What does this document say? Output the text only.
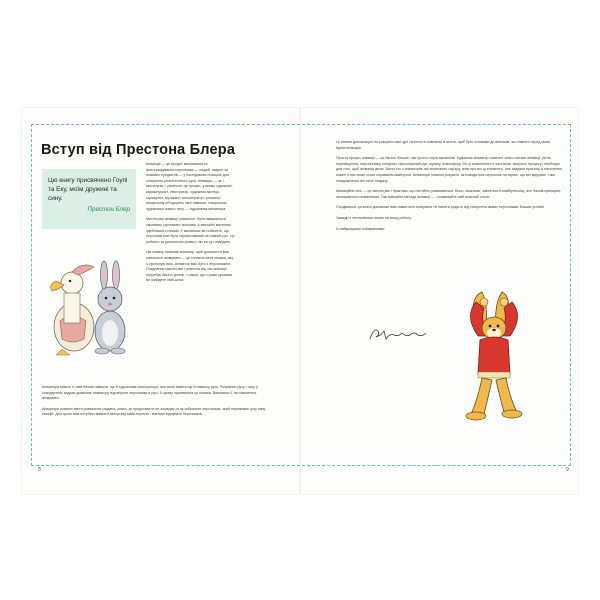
Вступ від Престона Блера
Цю книгу присвячено Гоупі та Еку, моїм дружині та сину.
Престон Блер

Анімація — це процес малювання та фотографування персонажа — людей, тварин чи неживих предметів — у послідовних позиціях для створення реалістичного руху. Анімація — це і мистецтво, і ремесло; це процес, у якому художник-карикатурист, ілюстратор, художник-митець, сценарист, музикант, кінооператор і режисер кінофільму об'єднують свої навички, створюючи художника нового типу — художника-аніматора.

Мистецтво анімації унікальне. Воно вважається сміливим, рухливим і вільним, а звичайні малюнки здебільшого неживі. У малюнках ви побачите, що персонаж має бути спроєктований на повний рух. Це роблять за допомогою правил, які ви тут знайдете.

Цю книжку написав аніматор, щоб допомогти вам навчитися анімувати — це головна мета книжки, яку я пропоную вам. Аніматор має бути з персонажем. Поєднання мистецтва і ремесла під час анімації потребує багато уроків, і я вірю, що з цими уроками ви знайдете свій шлях.

Аніматори мають ті самі базові навички, що й художники-ілюстратори, але вони мають ще й навичку руху. Розуміння руху і часу у стандартних кадрах дозволяє аніматору відтворити персонажа в русі, й цьому присвячена ця книжка. Вивчаючи її, ви навчитеся анімувати.

Аніматори повинні вміти розважити глядача: знати, як представити гег-комедію та як зобразити персонажа, який переживає цілу гаму емоцій. Для цього вам потрібно вивчати акторську майстерність і вчитися відчувати персонажів.

8

Ці знання допоможуть їм розкрити свої ідеї та втілити навчання в життя, щоб бути готовими до викликів, які ставить перед ними мультиплікація.

Просто процес анімації — це багато більше, ніж просто серія малюнків. Художник-аніматор повинен знати основи анімації: ритм, переміщення, перспективу, конфлікт, персонажний рух, музику, атмосферу. Усі ці компоненти є частиною творчого процесу і необхідні для того, щоб анімація жила. Мало хто з аніматорів, які починають кар'єру, знає про всі ці елементи, але завдяки практиці й натхненню кожен з них може стати справжнім майстром. Аніматори повинні розуміти, як поводиться персонаж на екрані, що він відчуває, і яке повідомлення він несе глядачу.

Анімаційне кіно — це мистецтво і практика, що постійно розвивається. Воно, можливо, зміниться в майбутньому, але базові принципи залишаються незмінними. Тож вивчайте методи анімації — і розвивайте свій власний стиль.

Сподіваюся, ця книга допоможе вам навчитися анімувати та пізнати радість від створення живих персонажів. Бажаю успіхів!

Завжди з нетерпінням чекаю на вашу роботу.

Із найкращими побажаннями

9
